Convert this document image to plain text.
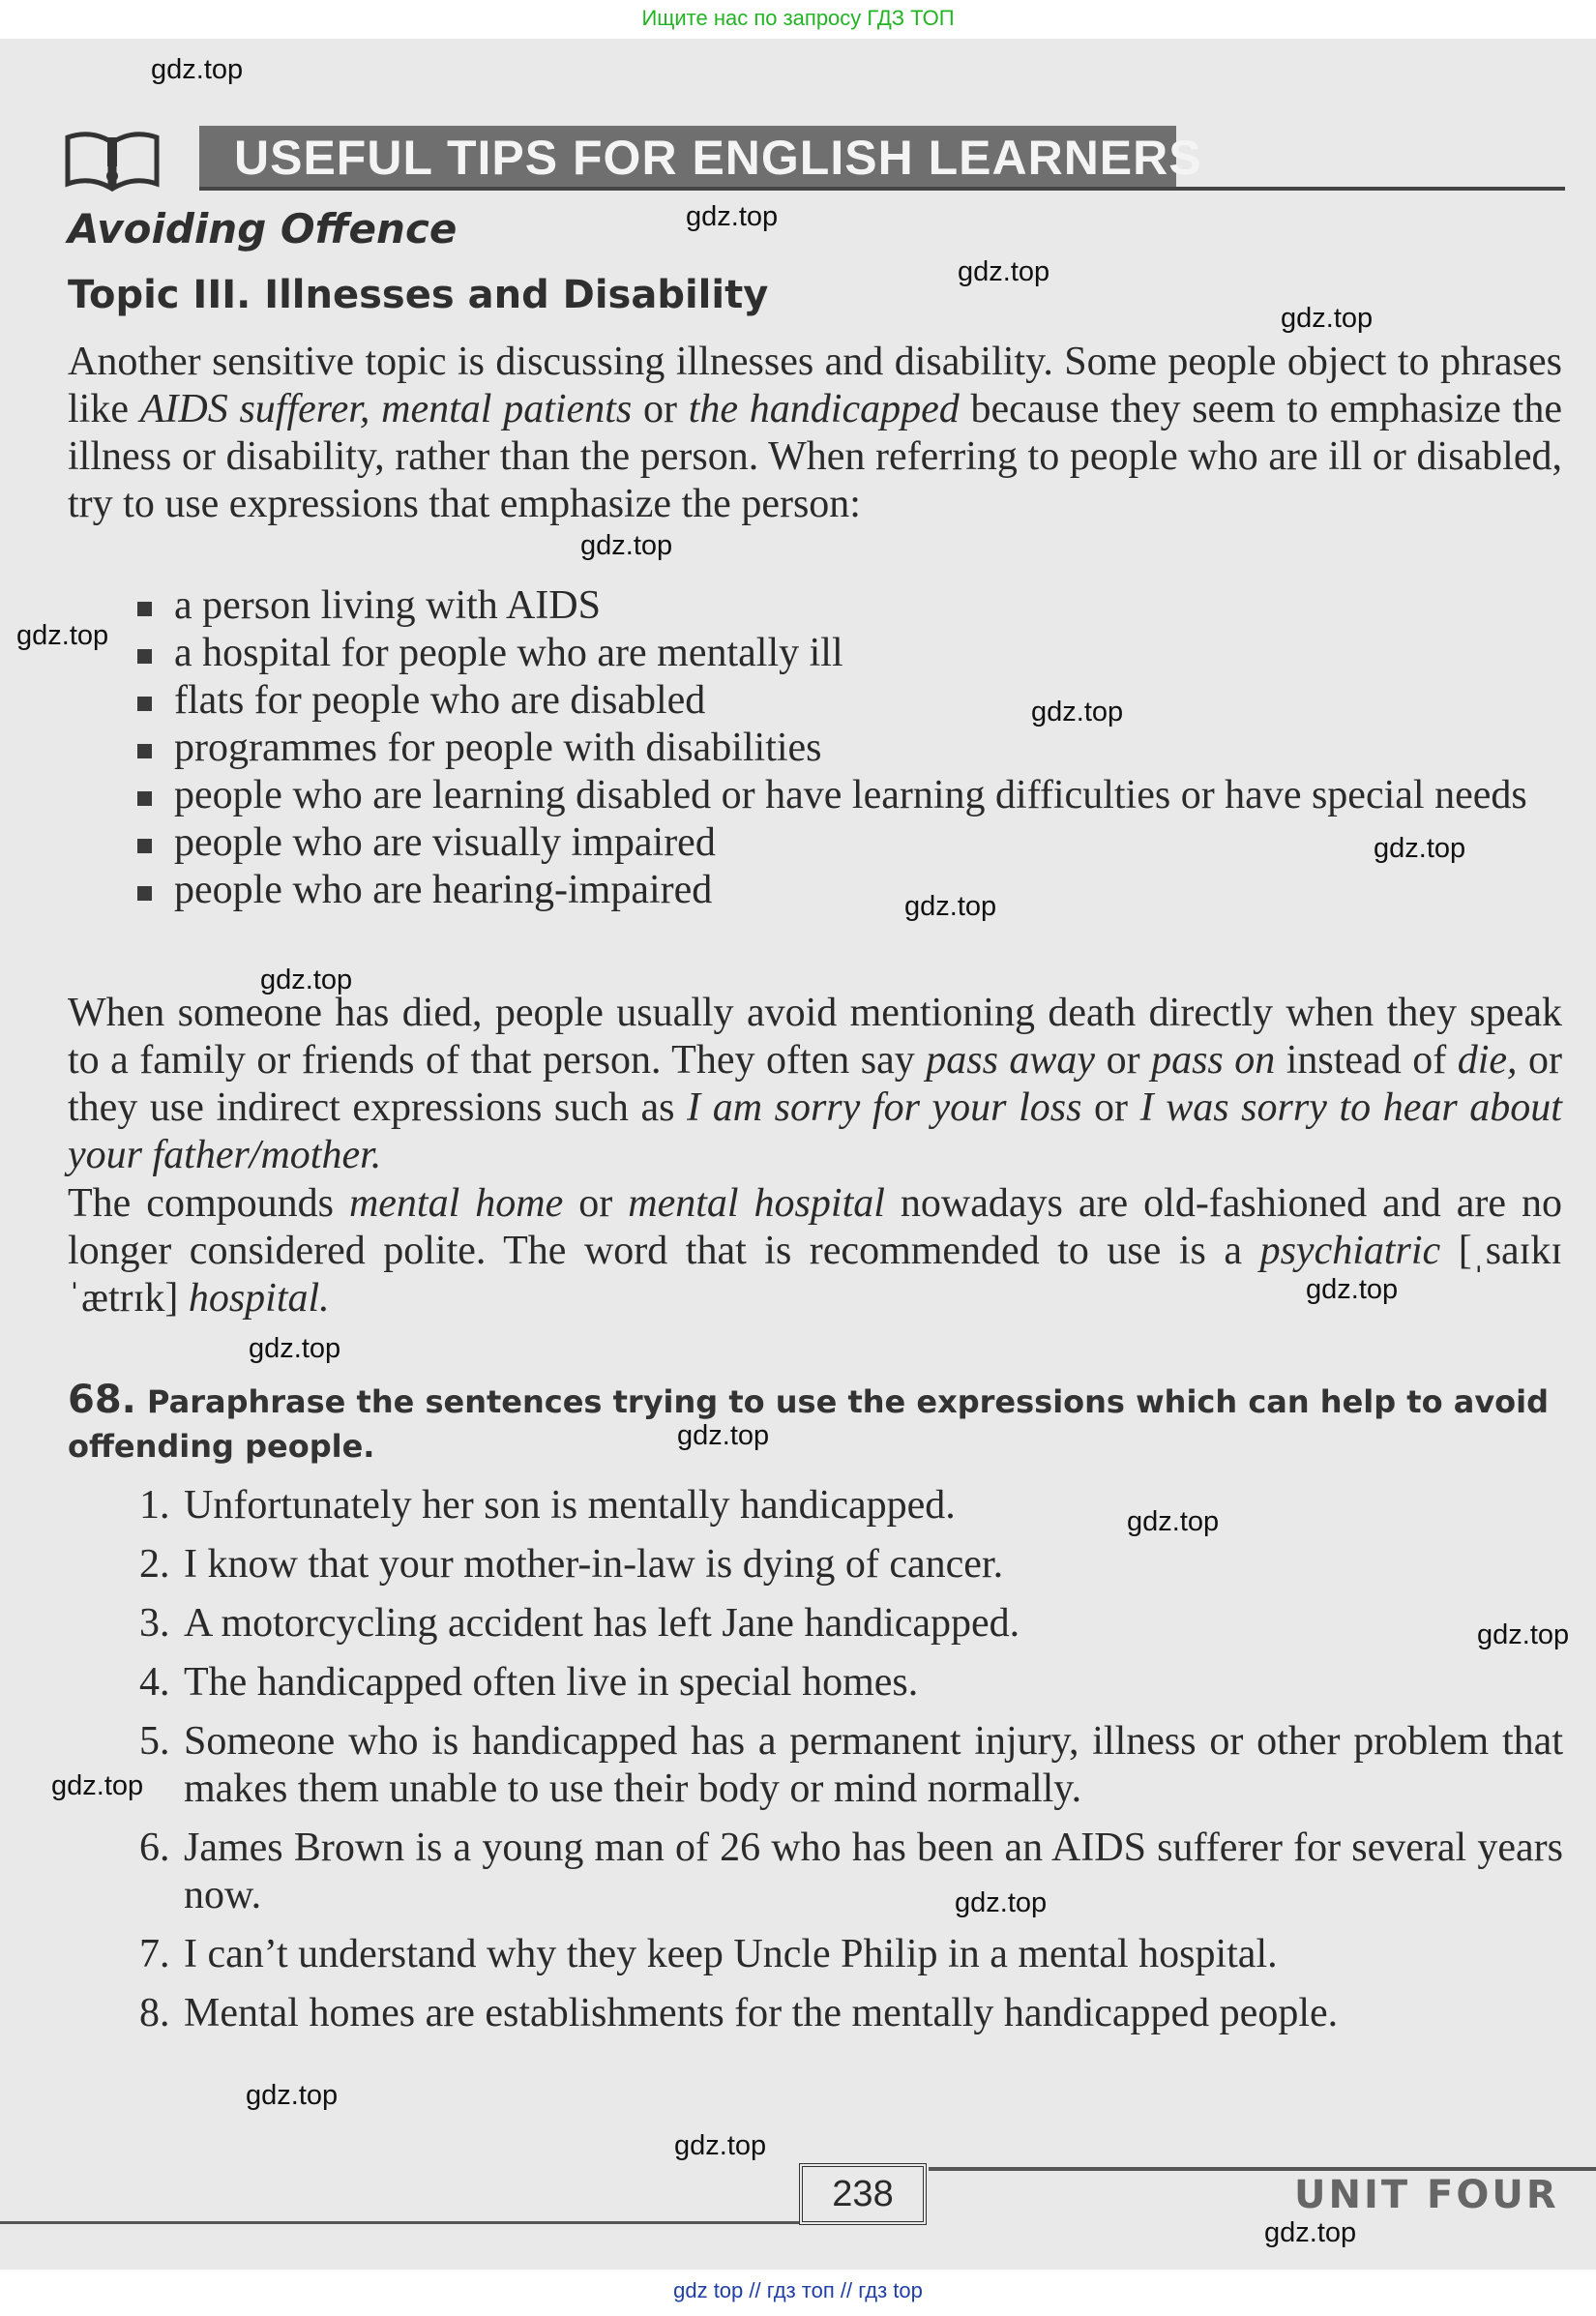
Ищите нас по запросу ГДЗ ТОП
USEFUL TIPS FOR ENGLISH LEARNERS
Avoiding Offence
Topic III. Illnesses and Disability
Another sensitive topic is discussing illnesses and disability. Some people object to phrases like AIDS sufferer, mental patients or the handicapped because they seem to emphasize the illness or disability, rather than the person. When referring to people who are ill or disabled, try to use expressions that emphasize the person:
a person living with AIDS
a hospital for people who are mentally ill
flats for people who are disabled
programmes for people with disabilities
people who are learning disabled or have learning difficulties or have special needs
people who are visually impaired
people who are hearing-impaired
When someone has died, people usually avoid mentioning death directly when they speak to a family or friends of that person. They often say pass away or pass on instead of die, or they use indirect expressions such as I am sorry for your loss or I was sorry to hear about your father/mother.
The compounds mental home or mental hospital nowadays are old-fashioned and are no longer considered polite. The word that is recommended to use is a psychiatric [ˌsaɪkɪˈætrɪk] hospital.
68. Paraphrase the sentences trying to use the expressions which can help to avoid offending people.
1. Unfortunately her son is mentally handicapped.
2. I know that your mother-in-law is dying of cancer.
3. A motorcycling accident has left Jane handicapped.
4. The handicapped often live in special homes.
5. Someone who is handicapped has a permanent injury, illness or other problem that makes them unable to use their body or mind normally.
6. James Brown is a young man of 26 who has been an AIDS sufferer for several years now.
7. I can’t understand why they keep Uncle Philip in a mental hospital.
8. Mental homes are establishments for the mentally handicapped people.
238	UNIT FOUR
gdz.top
gdz.top
gdz.top
gdz.top
gdz.top
gdz.top
gdz.top
gdz.top
gdz.top
gdz.top
gdz.top
gdz.top
gdz.top
gdz.top
gdz.top
gdz.top
gdz.top
gdz.top
gdz.top
gdz.top
gdz top // гдз топ // гдз top
